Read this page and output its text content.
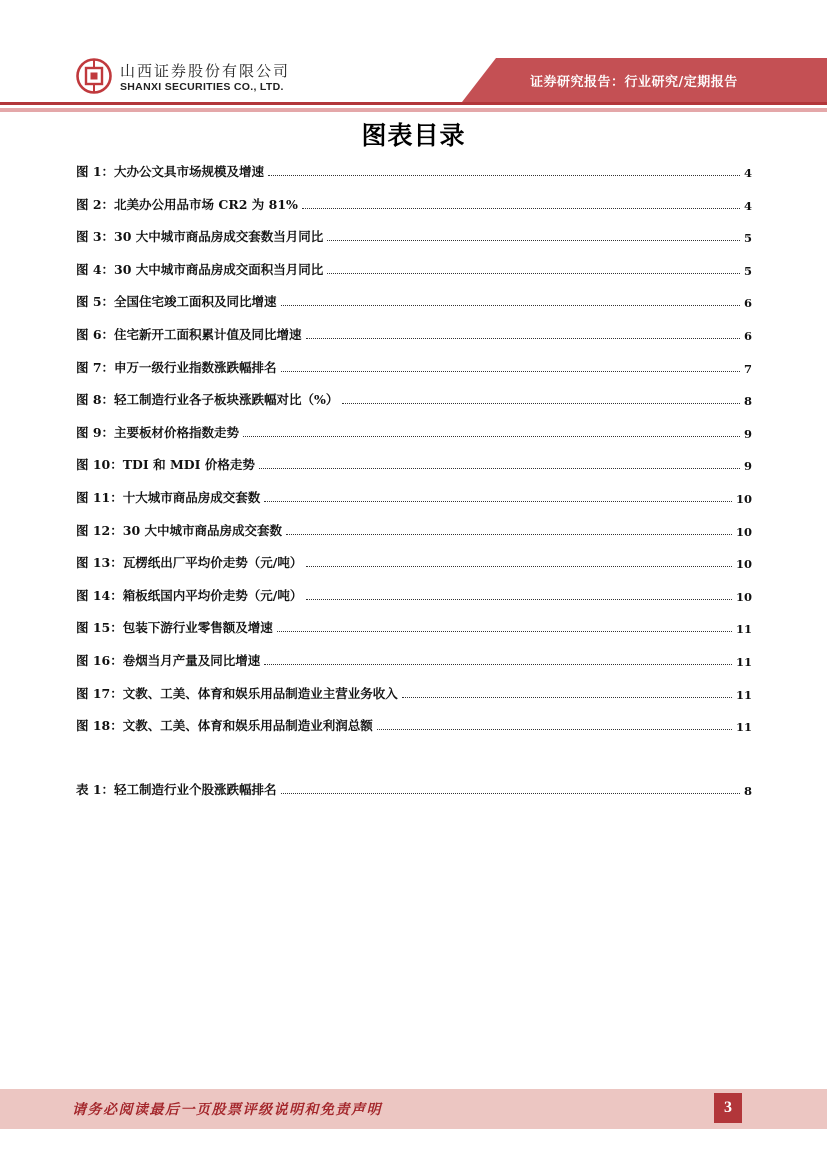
山西证券股份有限公司
SHANXI SECURITIES CO., LTD.	证券研究报告：行业研究/定期报告
图表目录
图 1：大办公文具市场规模及增速	4
图 2：北美办公用品市场 CR2 为 81%	4
图 3：30 大中城市商品房成交套数当月同比	5
图 4：30 大中城市商品房成交面积当月同比	5
图 5：全国住宅竣工面积及同比增速	6
图 6：住宅新开工面积累计值及同比增速	6
图 7：申万一级行业指数涨跌幅排名	7
图 8：轻工制造行业各子板块涨跌幅对比（%）	8
图 9：主要板材价格指数走势	9
图 10：TDI 和 MDI 价格走势	9
图 11：十大城市商品房成交套数	10
图 12：30 大中城市商品房成交套数	10
图 13：瓦楞纸出厂平均价走势（元/吨）	10
图 14：箱板纸国内平均价走势（元/吨）	10
图 15：包装下游行业零售额及增速	11
图 16：卷烟当月产量及同比增速	11
图 17：文教、工美、体育和娱乐用品制造业主营业务收入	11
图 18：文教、工美、体育和娱乐用品制造业利润总额	11
表 1：轻工制造行业个股涨跌幅排名	8
请务必阅读最后一页股票评级说明和免责声明	3
